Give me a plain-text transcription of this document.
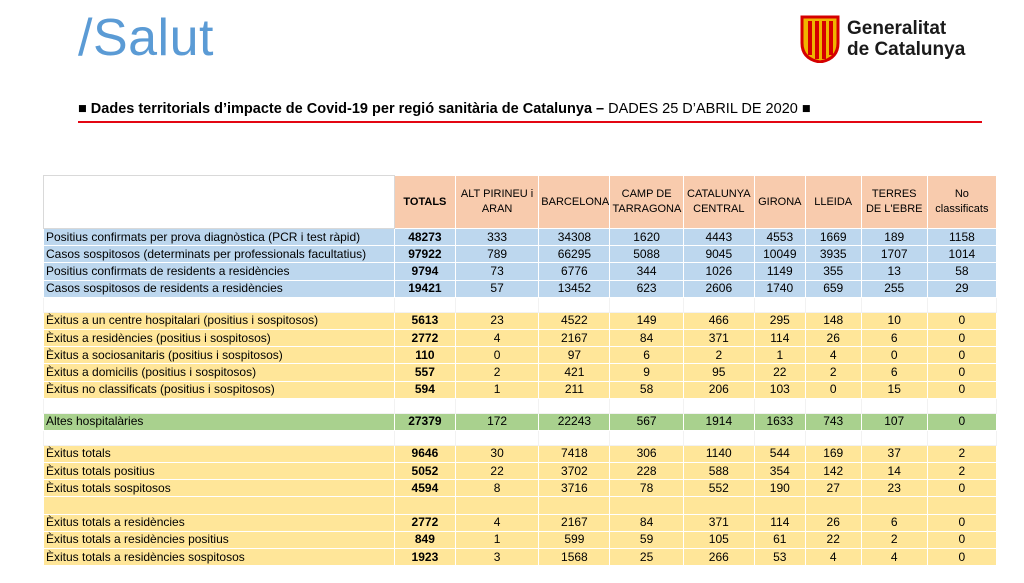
/Salut	Generalitat
de Catalunya
■ Dades territorials d’impacte de Covid-19 per regió sanitària de Catalunya – DADES 25 D’ABRIL DE 2020 ■
	TOTALS	ALT PIRINEU i ARAN	BARCELONA	CAMP DE TARRAGONA	CATALUNYA CENTRAL	GIRONA	LLEIDA	TERRES DE L'EBRE	No classificats
Positius confirmats per prova diagnòstica (PCR i test ràpid)	48273	333	34308	1620	4443	4553	1669	189	1158
Casos sospitosos (determinats per professionals facultatius)	97922	789	66295	5088	9045	10049	3935	1707	1014
Positius confirmats de residents a residències	9794	73	6776	344	1026	1149	355	13	58
Casos sospitosos de residents a residències	19421	57	13452	623	2606	1740	659	255	29

Èxitus a un centre hospitalari (positius i sospitosos)	5613	23	4522	149	466	295	148	10	0
Èxitus a residències (positius i sospitosos)	2772	4	2167	84	371	114	26	6	0
Èxitus a sociosanitaris (positius i sospitosos)	110	0	97	6	2	1	4	0	0
Èxitus a domicilis (positius i sospitosos)	557	2	421	9	95	22	2	6	0
Èxitus no classificats (positius i sospitosos)	594	1	211	58	206	103	0	15	0

Altes hospitalàries	27379	172	22243	567	1914	1633	743	107	0

Èxitus totals	9646	30	7418	306	1140	544	169	37	2
Èxitus totals positius	5052	22	3702	228	588	354	142	14	2
Èxitus totals sospitosos	4594	8	3716	78	552	190	27	23	0

Èxitus totals a residències	2772	4	2167	84	371	114	26	6	0
Èxitus totals a residències positius	849	1	599	59	105	61	22	2	0
Èxitus totals a residències sospitosos	1923	3	1568	25	266	53	4	4	0
